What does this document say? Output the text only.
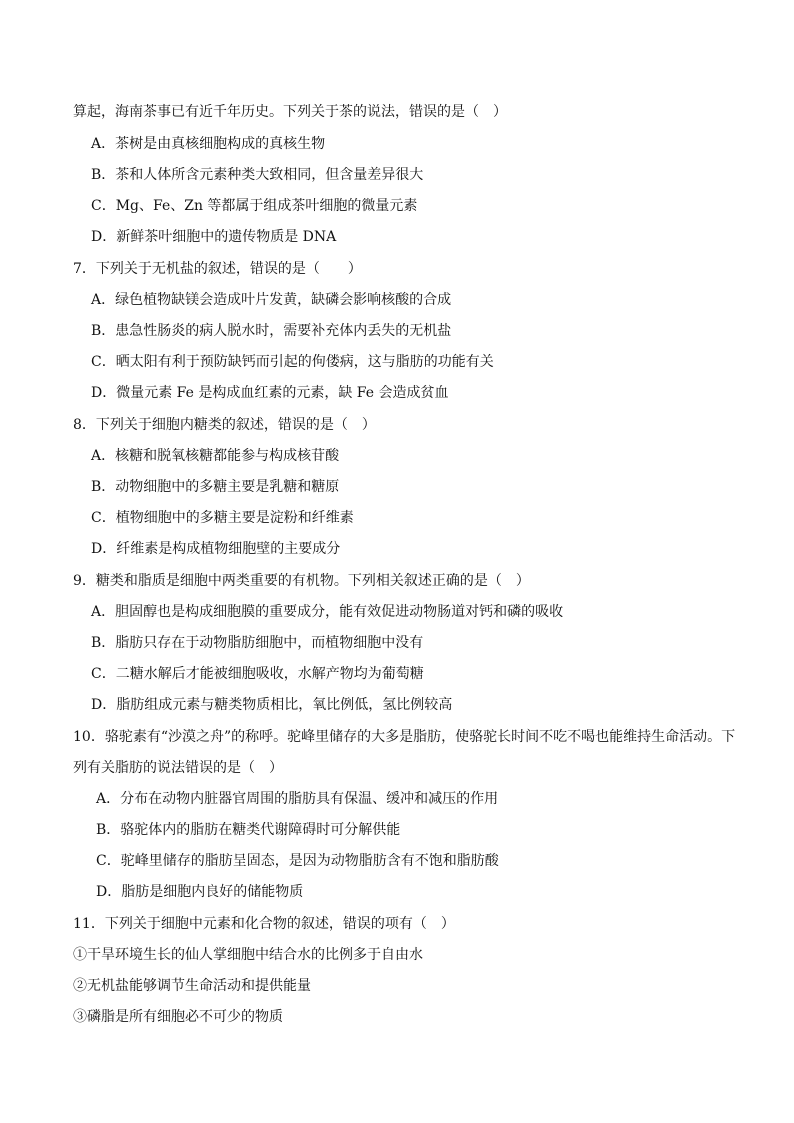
算起，海南茶事已有近千年历史。下列关于茶的说法，错误的是（　）
A．茶树是由真核细胞构成的真核生物
B．茶和人体所含元素种类大致相同，但含量差异很大
C．Mg、Fe、Zn 等都属于组成茶叶细胞的微量元素
D．新鲜茶叶细胞中的遗传物质是 DNA
7．下列关于无机盐的叙述，错误的是（　　）
A．绿色植物缺镁会造成叶片发黄，缺磷会影响核酸的合成
B．患急性肠炎的病人脱水时，需要补充体内丢失的无机盐
C．晒太阳有利于预防缺钙而引起的佝偻病，这与脂肪的功能有关
D．微量元素 Fe 是构成血红素的元素，缺 Fe 会造成贫血
8．下列关于细胞内糖类的叙述，错误的是（　）
A．核糖和脱氧核糖都能参与构成核苷酸
B．动物细胞中的多糖主要是乳糖和糖原
C．植物细胞中的多糖主要是淀粉和纤维素
D．纤维素是构成植物细胞壁的主要成分
9．糖类和脂质是细胞中两类重要的有机物。下列相关叙述正确的是（　）
A．胆固醇也是构成细胞膜的重要成分，能有效促进动物肠道对钙和磷的吸收
B．脂肪只存在于动物脂肪细胞中，而植物细胞中没有
C．二糖水解后才能被细胞吸收，水解产物均为葡萄糖
D．脂肪组成元素与糖类物质相比，氧比例低，氢比例较高
10．骆驼素有“沙漠之舟”的称呼。驼峰里储存的大多是脂肪，使骆驼长时间不吃不喝也能维持生命活动。下
列有关脂肪的说法错误的是（　）
A．分布在动物内脏器官周围的脂肪具有保温、缓冲和减压的作用
B．骆驼体内的脂肪在糖类代谢障碍时可分解供能
C．驼峰里储存的脂肪呈固态，是因为动物脂肪含有不饱和脂肪酸
D．脂肪是细胞内良好的储能物质
11．下列关于细胞中元素和化合物的叙述，错误的项有（　）
①干旱环境生长的仙人掌细胞中结合水的比例多于自由水
②无机盐能够调节生命活动和提供能量
③磷脂是所有细胞必不可少的物质
